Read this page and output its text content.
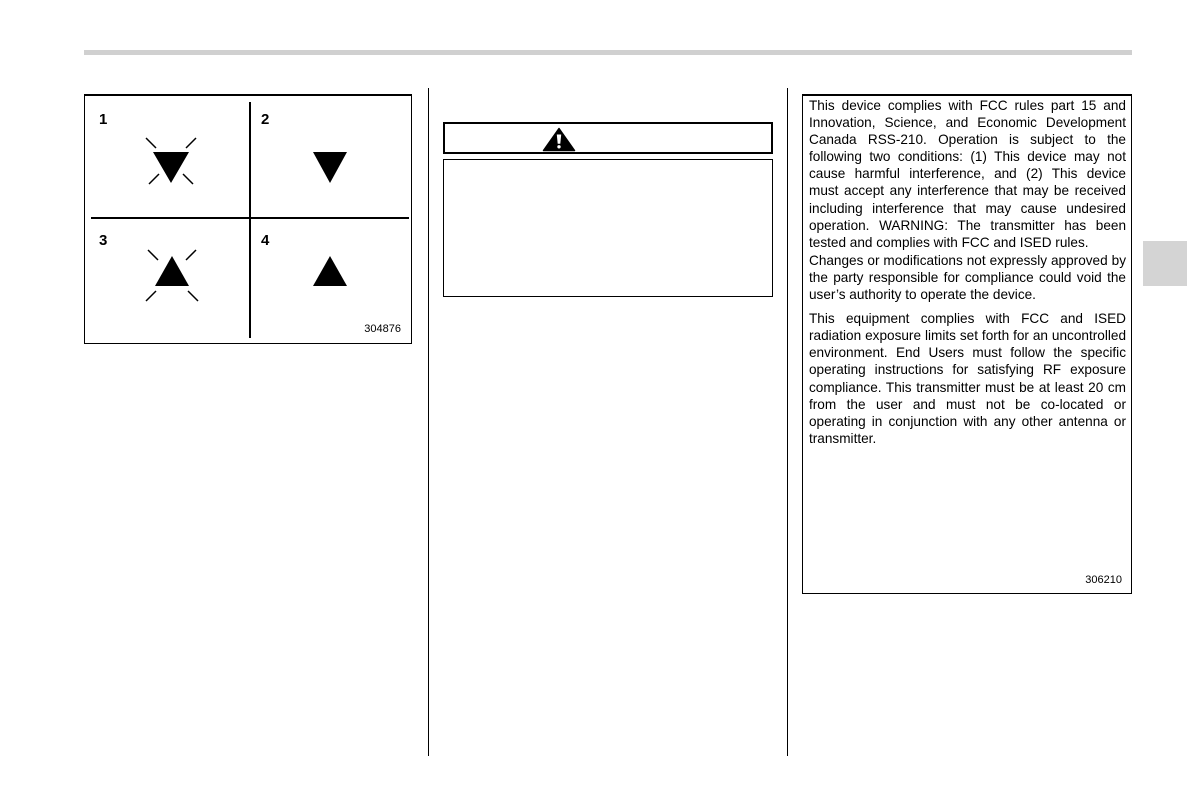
1	2
3	4
304876

This device complies with FCC rules part 15 and Innovation, Science, and Economic Development Canada RSS-210. Operation is subject to the following two conditions: (1) This device may not cause harmful interference, and (2) This device must accept any interference that may be received including interference that may cause undesired operation. WARNING: The transmitter has been tested and complies with FCC and ISED rules.

Changes or modifications not expressly approved by the party responsible for compliance could void the user’s authority to operate the device.

This equipment complies with FCC and ISED radiation exposure limits set forth for an uncontrolled environment. End Users must follow the specific operating instructions for satisfying RF exposure compliance. This transmitter must be at least 20 cm from the user and must not be co-located or operating in conjunction with any other antenna or transmitter.

306210
